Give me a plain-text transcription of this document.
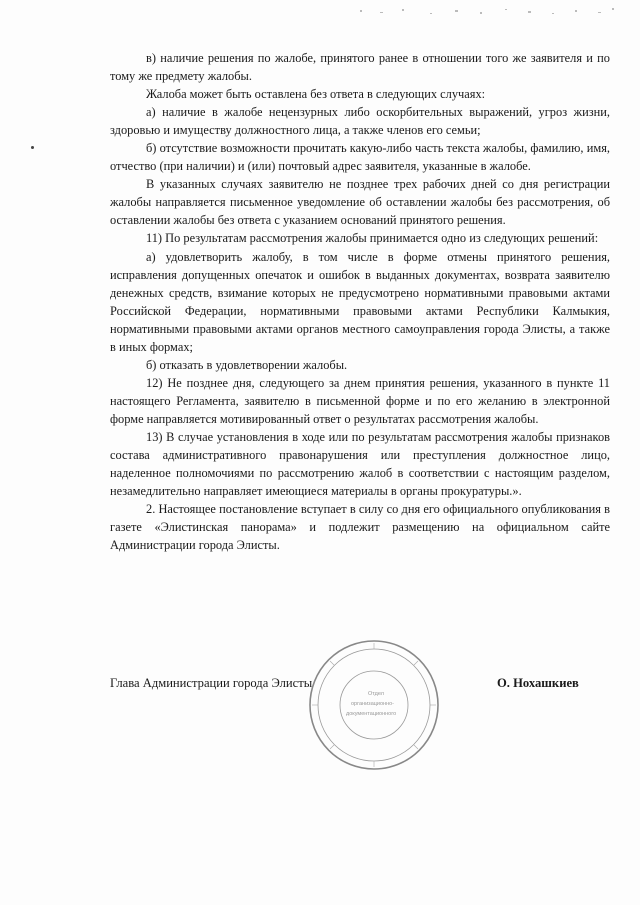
в) наличие решения по жалобе, принятого ранее в отношении того же заявителя и по тому же предмету жалобы.

Жалоба может быть оставлена без ответа в следующих случаях:

а) наличие в жалобе нецензурных либо оскорбительных выражений, угроз жизни, здоровью и имуществу должностного лица, а также членов его семьи;

б) отсутствие возможности прочитать какую-либо часть текста жалобы, фамилию, имя, отчество (при наличии) и (или) почтовый адрес заявителя, указанные в жалобе.

В указанных случаях заявителю не позднее трех рабочих дней со дня регистрации жалобы направляется письменное уведомление об оставлении жалобы без рассмотрения, об оставлении жалобы без ответа с указанием оснований принятого решения.

11) По результатам рассмотрения жалобы принимается одно из следующих решений:

а) удовлетворить жалобу, в том числе в форме отмены принятого решения, исправления допущенных опечаток и ошибок в выданных документах, возврата заявителю денежных средств, взимание которых не предусмотрено нормативными правовыми актами Российской Федерации, нормативными правовыми актами Республики Калмыкия, нормативными правовыми актами органов местного самоуправления города Элисты, а также в иных формах;

б) отказать в удовлетворении жалобы.

12) Не позднее дня, следующего за днем принятия решения, указанного в пункте 11 настоящего Регламента, заявителю в письменной форме и по его желанию в электронной форме направляется мотивированный ответ о результатах рассмотрения жалобы.

13) В случае установления в ходе или по результатам рассмотрения жалобы признаков состава административного правонарушения или преступления должностное лицо, наделенное полномочиями по рассмотрению жалоб в соответствии с настоящим разделом, незамедлительно направляет имеющиеся материалы в органы прокуратуры.».

2. Настоящее постановление вступает в силу со дня его официального опубликования в газете «Элистинская панорама» и подлежит размещению на официальном сайте Администрации города Элисты.

Отдел
организационно-
документационного
Глава Администрации города Элисты	О. Нохашкиев
